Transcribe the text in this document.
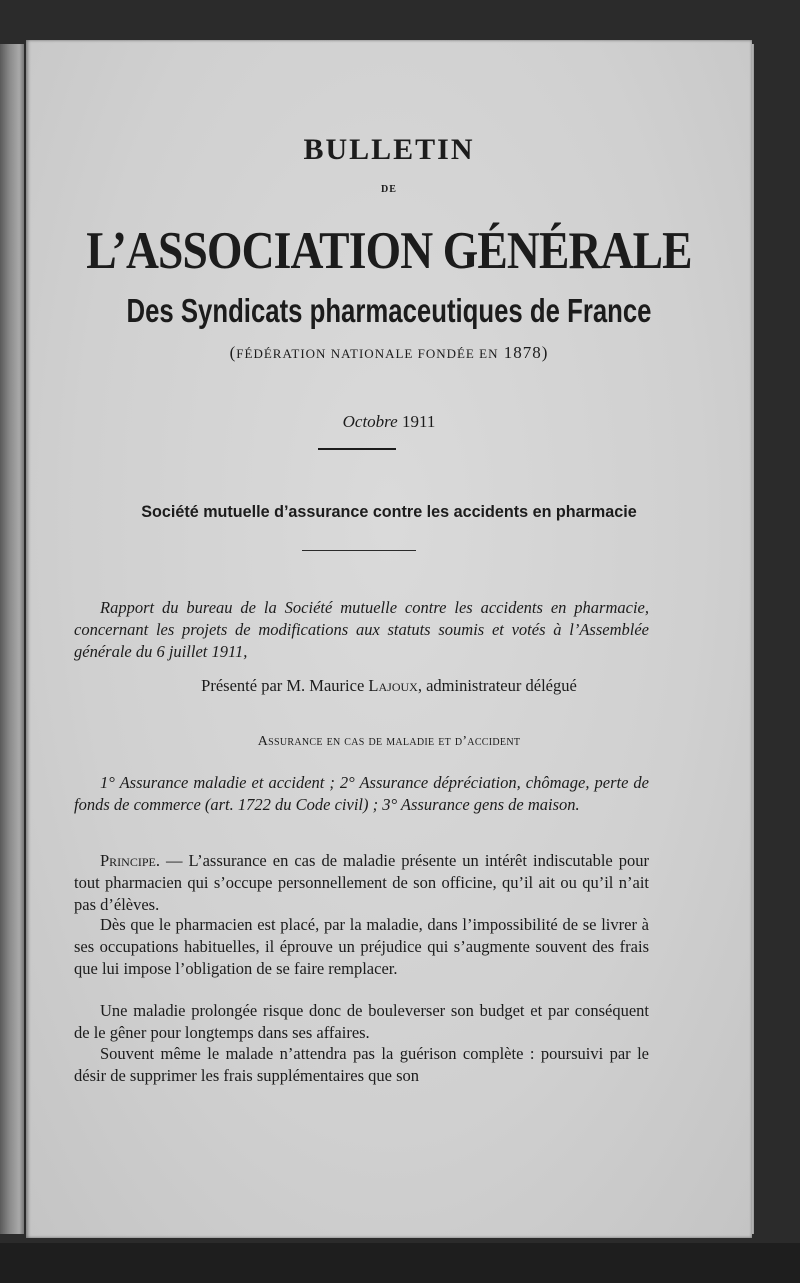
BULLETIN
DE
L’ASSOCIATION GÉNÉRALE
Des Syndicats pharmaceutiques de France
(FÉDÉRATION NATIONALE FONDÉE EN 1878)
Octobre 1911
Société mutuelle d’assurance contre les accidents en pharmacie
Rapport du bureau de la Société mutuelle contre les accidents en pharmacie, concernant les projets de modifications aux statuts soumis et votés à l’Assemblée générale du 6 juillet 1911,
Présenté par M. Maurice Lajoux, administrateur délégué
Assurance en cas de maladie et d’accident
1° Assurance maladie et accident ; 2° Assurance dépréciation, chômage, perte de fonds de commerce (art. 1722 du Code civil) ; 3° Assurance gens de maison.
Principe. — L’assurance en cas de maladie présente un intérêt indiscutable pour tout pharmacien qui s’occupe personnellement de son officine, qu’il ait ou qu’il n’ait pas d’élèves.
Dès que le pharmacien est placé, par la maladie, dans l’impossibilité de se livrer à ses occupations habituelles, il éprouve un préjudice qui s’augmente souvent des frais que lui impose l’obligation de se faire remplacer.
Une maladie prolongée risque donc de bouleverser son budget et par conséquent de le gêner pour longtemps dans ses affaires.
Souvent même le malade n’attendra pas la guérison complète : poursuivi par le désir de supprimer les frais supplémentaires que son
